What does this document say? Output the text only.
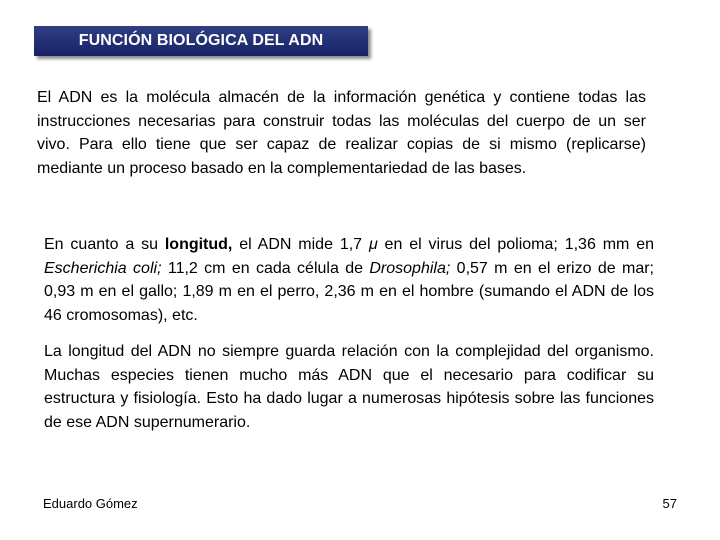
FUNCIÓN BIOLÓGICA DEL ADN

El ADN es la molécula almacén de la información genética y contiene todas las instrucciones necesarias para construir todas las moléculas del cuerpo de un ser vivo. Para ello tiene que ser capaz de realizar copias de si mismo (replicarse) mediante un proceso basado en la complementariedad de las bases.

En cuanto a su longitud, el ADN mide 1,7 μ en el virus del polioma; 1,36 mm en Escherichia coli; 11,2 cm en cada célula de Drosophila; 0,57 m en el erizo de mar; 0,93 m en el gallo; 1,89 m en el perro, 2,36 m en el hombre (sumando el ADN de los 46 cromosomas), etc.

La longitud del ADN no siempre guarda relación con la complejidad del organismo. Muchas especies tienen mucho más ADN que el necesario para codificar su estructura y fisiología. Esto ha dado lugar a numerosas hipótesis sobre las funciones de ese ADN supernumerario.

Eduardo Gómez	57
